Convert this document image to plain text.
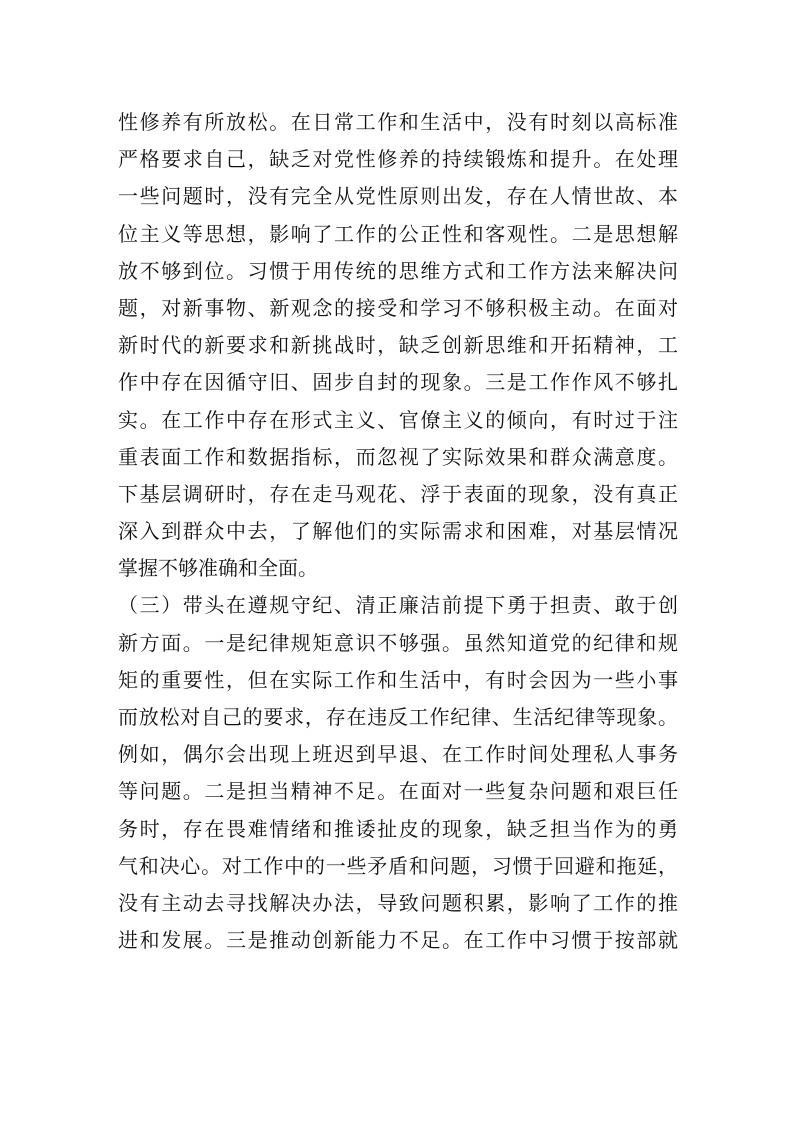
性修养有所放松。在日常工作和生活中，没有时刻以高标准
严格要求自己，缺乏对党性修养的持续锻炼和提升。在处理
一些问题时，没有完全从党性原则出发，存在人情世故、本
位主义等思想，影响了工作的公正性和客观性。二是思想解
放不够到位。习惯于用传统的思维方式和工作方法来解决问
题，对新事物、新观念的接受和学习不够积极主动。在面对
新时代的新要求和新挑战时，缺乏创新思维和开拓精神，工
作中存在因循守旧、固步自封的现象。三是工作作风不够扎
实。在工作中存在形式主义、官僚主义的倾向，有时过于注
重表面工作和数据指标，而忽视了实际效果和群众满意度。
下基层调研时，存在走马观花、浮于表面的现象，没有真正
深入到群众中去，了解他们的实际需求和困难，对基层情况
掌握不够准确和全面。
（三）带头在遵规守纪、清正廉洁前提下勇于担责、敢于创
新方面。一是纪律规矩意识不够强。虽然知道党的纪律和规
矩的重要性，但在实际工作和生活中，有时会因为一些小事
而放松对自己的要求，存在违反工作纪律、生活纪律等现象。
例如，偶尔会出现上班迟到早退、在工作时间处理私人事务
等问题。二是担当精神不足。在面对一些复杂问题和艰巨任
务时，存在畏难情绪和推诿扯皮的现象，缺乏担当作为的勇
气和决心。对工作中的一些矛盾和问题，习惯于回避和拖延，
没有主动去寻找解决办法，导致问题积累，影响了工作的推
进和发展。三是推动创新能力不足。在工作中习惯于按部就
